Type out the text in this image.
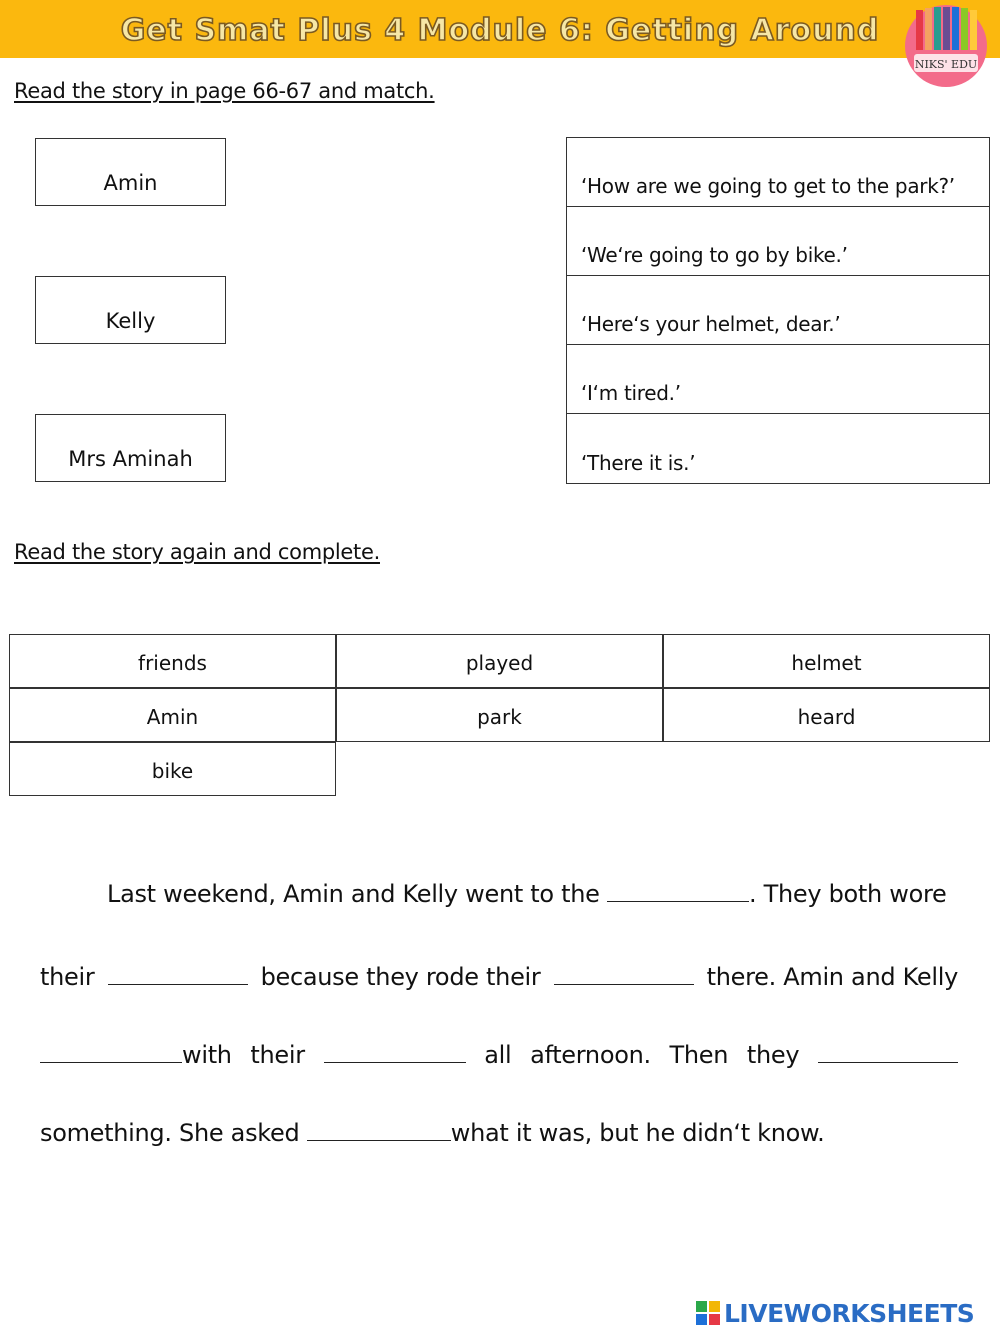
Get Smat Plus 4 Module 6: Getting Around
NIKS' EDU
Read the story in page 66-67 and match.
Amin
Kelly
Mrs Aminah
‘How are we going to get to the park?’
‘We‘re going to go by bike.’
‘Here‘s your helmet, dear.’
‘I‘m tired.’
‘There it is.’
Read the story again and complete.
friends	played	helmet
Amin	park	heard
bike
Last weekend, Amin and Kelly went to the	. They both wore
their	because they rode their	there. Amin and Kelly
with their	all afternoon. Then they
something. She asked	what it was, but he didn‘t know.
LIVEWORKSHEETS
